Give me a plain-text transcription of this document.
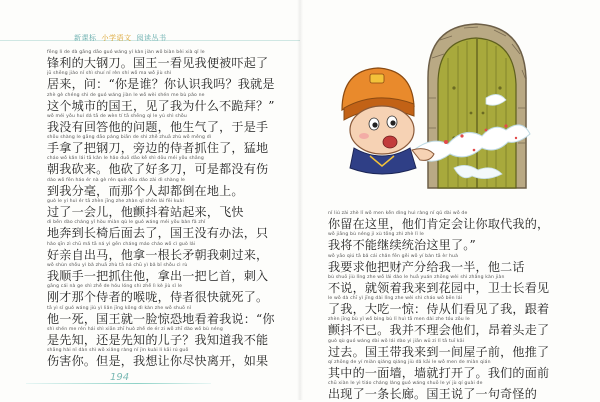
新课标 小学语文 阅读丛书
fēng lì de dà gāng dāo guó wáng yí kàn jiàn wǒ biàn bèi xià qǐ le
锋利的大钢刀。国王一看见我便被吓起了
jū shēng jiào nǐ shì shuí nǐ rèn shí wǒ ma wǒ jiù shì
居来，问：“你是谁？你认识我吗？我就是
zhè gè chéng shì de guó wáng jiàn le wǒ wèi shén me bù pǎo ne
这个城市的国王，见了我为什么不跪拜？”
wǒ méi yǒu huí dá tā de wèn tí tā shēng qì le yú shì shǒu
我没有回答他的问题，他生气了，于是手
shǒu shàng le gāng dāo páng biān de shì zhě zhuā zhù wǒ měng dì
手拿了把钢刀，旁边的侍者抓住了，猛地
cháo wǒ kǎn lái tā kǎn le hǎo duō dāo kě shì dōu méi yǒu shāng
朝我砍来。他砍了好多刀，可是都没有伤
dào wǒ fēn háo ér nà gè rén què dōu dǎo zài dì shàng le
到我分毫，而那个人却都倒在地上。
guò le yí huì ér tā zhèn jīng zhe zhàn qǐ shēn lái fēi kuài
过了一会儿，他颤抖着站起来，飞快
dì bēn dào cháng yǐ hòu miàn qù le guó wáng méi yǒu bàn fǎ zhǐ
地奔到长椅后面去了，国王没有办法，只
hǎo qīn zì chū mǎ tā ná yì gēn cháng máo cháo wǒ cì guò lái
好亲自出马，他拿一根长矛朝我刺过来，
wǒ shùn shǒu yì bǎ zhuā zhù tā ná chū yì bǎ bǐ shǒu cì rù
我顺手一把抓住他，拿出一把匕首，刺入
gāng cái nà ge shì zhě de hóu lóng shì zhě lì kè jiù sǐ le
刚才那个侍者的喉咙，侍者很快就死了。
tā yì sǐ guó wáng jiù yì liǎn jīng kǒng dì kàn zhe wǒ shuō nǐ
他一死，国王就一脸惊恐地看着我说：“你
shì shén me rén hái shì xiān zhī huò zhě de ér zi wǒ zhī dào wǒ bù néng
是先知，还是先知的儿子？我知道我不能
shāng hài nǐ dàn shì wǒ xiǎng ràng nǐ jìn kuài lí kāi rú guǒ
伤害你。但是，我想让你尽快离开，如果
194
nǐ liú zài zhè lǐ wǒ men kěn dìng huì ràng nǐ qǔ dài wǒ de
你留在这里，他们肯定会让你取代我的，
wǒ jiāng bù néng jì xù tǒng zhì zhè lǐ le
我将不能继续统治这里了。”
wǒ yāo qiú tā bǎ cái chǎn fēn gěi wǒ yí bàn tā èr huà
我要求他把财产分给我一半，他二话
bù shuō jiù lǐng zhe wǒ lái dào le huā yuán zhōng wèi shì zhǎng kàn jiàn
不说，就领着我来到花园中，卫士长看见
le wǒ dà chī yì jīng dài lǐng zhe wèi shì cháo wǒ bēn lái
了我，大吃一惊：侍从们看见了我，跟着
zhèn jīng bù yǐ wǒ bìng bù lǐ huì tā men dài zhe tóu zǒu le
颤抖不已。我并不理会他们，昂着头走了
guò qù guó wáng dài wǒ lái dào yì jiān wū zi lǐ tā tuī kāi
过去。国王带我来到一间屋子前，他推了
qí zhōng de yí miàn qiáng qiáng jiù dǎ kāi le wǒ men de miàn qián
其中的一面墙，墙就打开了。我们的面前
chū xiàn le yì tiáo cháng láng guó wáng shuō le yí jù qí guài de
出现了一条长廊。国王说了一句奇怪的
